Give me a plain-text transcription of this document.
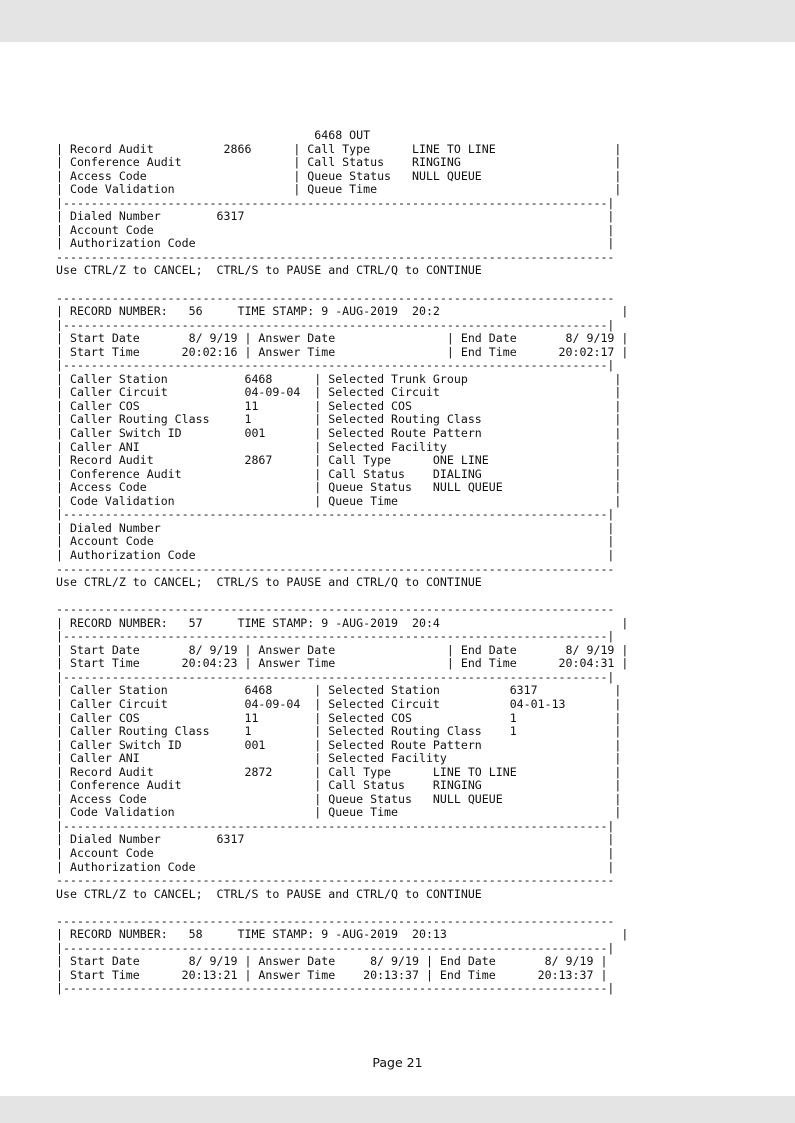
6468 OUT
| Record Audit          2866      | Call Type      LINE TO LINE                 |
| Conference Audit                | Call Status    RINGING                      |
| Access Code                     | Queue Status   NULL QUEUE                   |
| Code Validation                 | Queue Time                                  |
|------------------------------------------------------------------------------|
| Dialed Number        6317                                                    |
| Account Code                                                                 |
| Authorization Code                                                           |
--------------------------------------------------------------------------------
Use CTRL/Z to CANCEL;  CTRL/S to PAUSE and CTRL/Q to CONTINUE

--------------------------------------------------------------------------------
| RECORD NUMBER:   56     TIME STAMP: 9 -AUG-2019  20:2                          |
|------------------------------------------------------------------------------|
| Start Date       8/ 9/19 | Answer Date                | End Date       8/ 9/19 |
| Start Time      20:02:16 | Answer Time                | End Time      20:02:17 |
|------------------------------------------------------------------------------|
| Caller Station           6468      | Selected Trunk Group                     |
| Caller Circuit           04-09-04  | Selected Circuit                         |
| Caller COS               11        | Selected COS                             |
| Caller Routing Class     1         | Selected Routing Class                   |
| Caller Switch ID         001       | Selected Route Pattern                   |
| Caller ANI                         | Selected Facility                        |
| Record Audit             2867      | Call Type      ONE LINE                  |
| Conference Audit                   | Call Status    DIALING                   |
| Access Code                        | Queue Status   NULL QUEUE                |
| Code Validation                    | Queue Time                               |
|------------------------------------------------------------------------------|
| Dialed Number                                                                |
| Account Code                                                                 |
| Authorization Code                                                           |
--------------------------------------------------------------------------------
Use CTRL/Z to CANCEL;  CTRL/S to PAUSE and CTRL/Q to CONTINUE

--------------------------------------------------------------------------------
| RECORD NUMBER:   57     TIME STAMP: 9 -AUG-2019  20:4                          |
|------------------------------------------------------------------------------|
| Start Date       8/ 9/19 | Answer Date                | End Date       8/ 9/19 |
| Start Time      20:04:23 | Answer Time                | End Time      20:04:31 |
|------------------------------------------------------------------------------|
| Caller Station           6468      | Selected Station          6317           |
| Caller Circuit           04-09-04  | Selected Circuit          04-01-13       |
| Caller COS               11        | Selected COS              1              |
| Caller Routing Class     1         | Selected Routing Class    1              |
| Caller Switch ID         001       | Selected Route Pattern                   |
| Caller ANI                         | Selected Facility                        |
| Record Audit             2872      | Call Type      LINE TO LINE              |
| Conference Audit                   | Call Status    RINGING                   |
| Access Code                        | Queue Status   NULL QUEUE                |
| Code Validation                    | Queue Time                               |
|------------------------------------------------------------------------------|
| Dialed Number        6317                                                    |
| Account Code                                                                 |
| Authorization Code                                                           |
--------------------------------------------------------------------------------
Use CTRL/Z to CANCEL;  CTRL/S to PAUSE and CTRL/Q to CONTINUE

--------------------------------------------------------------------------------
| RECORD NUMBER:   58     TIME STAMP: 9 -AUG-2019  20:13                         |
|------------------------------------------------------------------------------|
| Start Date       8/ 9/19 | Answer Date     8/ 9/19 | End Date       8/ 9/19 |
| Start Time      20:13:21 | Answer Time    20:13:37 | End Time      20:13:37 |
|------------------------------------------------------------------------------|

Page 21
